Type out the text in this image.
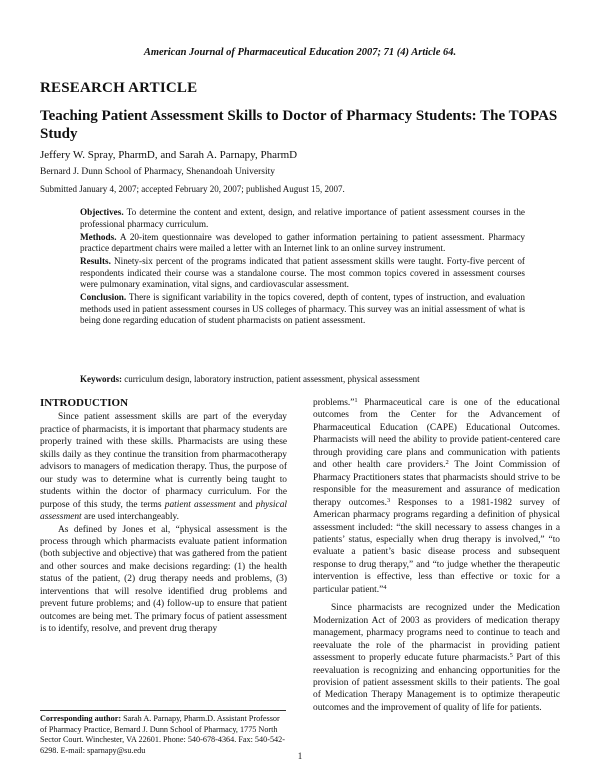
American Journal of Pharmaceutical Education 2007; 71 (4) Article 64.
RESEARCH ARTICLE
Teaching Patient Assessment Skills to Doctor of Pharmacy Students: The TOPAS Study
Jeffery W. Spray, PharmD, and Sarah A. Parnapy, PharmD
Bernard J. Dunn School of Pharmacy, Shenandoah University
Submitted January 4, 2007; accepted February 20, 2007; published August 15, 2007.

Objectives. To determine the content and extent, design, and relative importance of patient assessment courses in the professional pharmacy curriculum.

Methods. A 20-item questionnaire was developed to gather information pertaining to patient assessment. Pharmacy practice department chairs were mailed a letter with an Internet link to an online survey instrument.

Results. Ninety-six percent of the programs indicated that patient assessment skills were taught. Forty-five percent of respondents indicated their course was a standalone course. The most common topics covered in assessment courses were pulmonary examination, vital signs, and cardiovascular assessment.

Conclusion. There is significant variability in the topics covered, depth of content, types of instruction, and evaluation methods used in patient assessment courses in US colleges of pharmacy. This survey was an initial assessment of what is being done regarding education of student pharmacists on patient assessment.

Keywords: curriculum design, laboratory instruction, patient assessment, physical assessment
INTRODUCTION

Since patient assessment skills are part of the everyday practice of pharmacists, it is important that pharmacy students are properly trained with these skills. Pharmacists are using these skills daily as they continue the transition from pharmacotherapy advisors to managers of medication therapy. Thus, the purpose of our study was to determine what is currently being taught to students within the doctor of pharmacy curriculum. For the purpose of this study, the terms patient assessment and physical assessment are used interchangeably.

As defined by Jones et al, “physical assessment is the process through which pharmacists evaluate patient information (both subjective and objective) that was gathered from the patient and other sources and make decisions regarding: (1) the health status of the patient, (2) drug therapy needs and problems, (3) interventions that will resolve identified drug problems and prevent future problems; and (4) follow-up to ensure that patient outcomes are being met. The primary focus of patient assessment is to identify, resolve, and prevent drug therapy

problems.”$^1$ Pharmaceutical care is one of the educational outcomes from the Center for the Advancement of Pharmaceutical Education (CAPE) Educational Outcomes. Pharmacists will need the ability to provide patient-centered care through providing care plans and communication with patients and other health care providers.$^2$ The Joint Commission of Pharmacy Practitioners states that pharmacists should strive to be responsible for the measurement and assurance of medication therapy outcomes.$^3$ Responses to a 1981-1982 survey of American pharmacy programs regarding a definition of physical assessment included: “the skill necessary to assess changes in a patients’ status, especially when drug therapy is involved,” “to evaluate a patient’s basic disease process and subsequent response to drug therapy,” and “to judge whether the therapeutic intervention is effective, less than effective or toxic for a particular patient.”$^4$

Since pharmacists are recognized under the Medication Modernization Act of 2003 as providers of medication therapy management, pharmacy programs need to continue to teach and reevaluate the role of the pharmacist in providing patient assessment to properly educate future pharmacists.$^5$ Part of this reevaluation is recognizing and enhancing opportunities for the provision of patient assessment skills to their patients. The goal of Medication Therapy Management is to optimize therapeutic outcomes and the improvement of quality of life for patients.

Corresponding author: Sarah A. Parnapy, Pharm.D. Assistant Professor of Pharmacy Practice, Bernard J. Dunn School of Pharmacy, 1775 North Sector Court. Winchester, VA 22601. Phone: 540-678-4364. Fax: 540-542-6298. E-mail: sparnapy@su.edu
1
